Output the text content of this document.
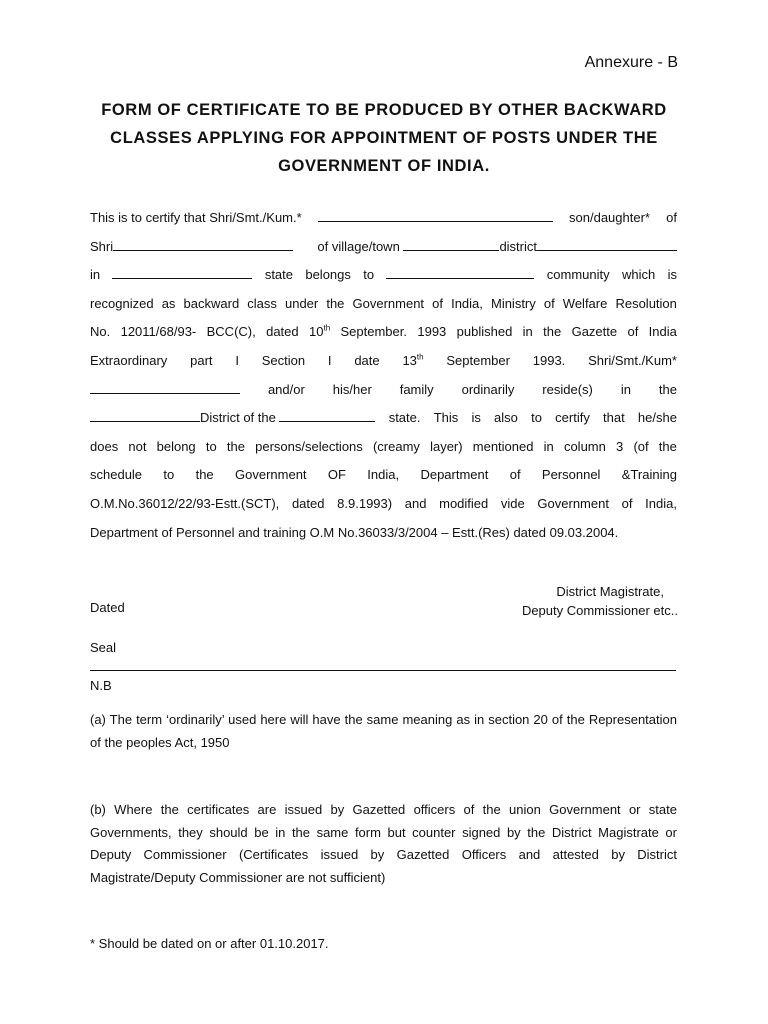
Annexure - B
FORM OF CERTIFICATE TO BE PRODUCED BY OTHER BACKWARD
CLASSES APPLYING FOR APPOINTMENT OF POSTS UNDER THE
GOVERNMENT OF INDIA.
This is to certify that Shri/Smt./Kum.*	son/daughter* of
Shri	of village/town	district
in	state belongs to	community which is
recognized as backward class under the Government of India, Ministry of Welfare Resolution
No. 12011/68/93- BCC(C), dated 10th September. 1993 published in the Gazette of India
Extraordinary part I Section I date 13th September 1993. Shri/Smt./Kum*
and/or his/her family ordinarily reside(s) in the
District of the	state. This is also to certify that he/she
does not belong to the persons/selections (creamy layer) mentioned in column 3 (of the
schedule to the Government OF India, Department of Personnel &Training
O.M.No.36012/22/93-Estt.(SCT), dated 8.9.1993) and modified vide Government of India,
Department of Personnel and training O.M No.36033/3/2004 – Estt.(Res) dated 09.03.2004.
District Magistrate,
Deputy Commissioner etc..
Dated
Seal
N.B
(a) The term ‘ordinarily’ used here will have the same meaning as in section 20 of the Representation of the peoples Act, 1950
(b) Where the certificates are issued by Gazetted officers of the union Government or state Governments, they should be in the same form but counter signed by the District Magistrate or Deputy Commissioner (Certificates issued by Gazetted Officers and attested by District Magistrate/Deputy Commissioner are not sufficient)
* Should be dated on or after 01.10.2017.
